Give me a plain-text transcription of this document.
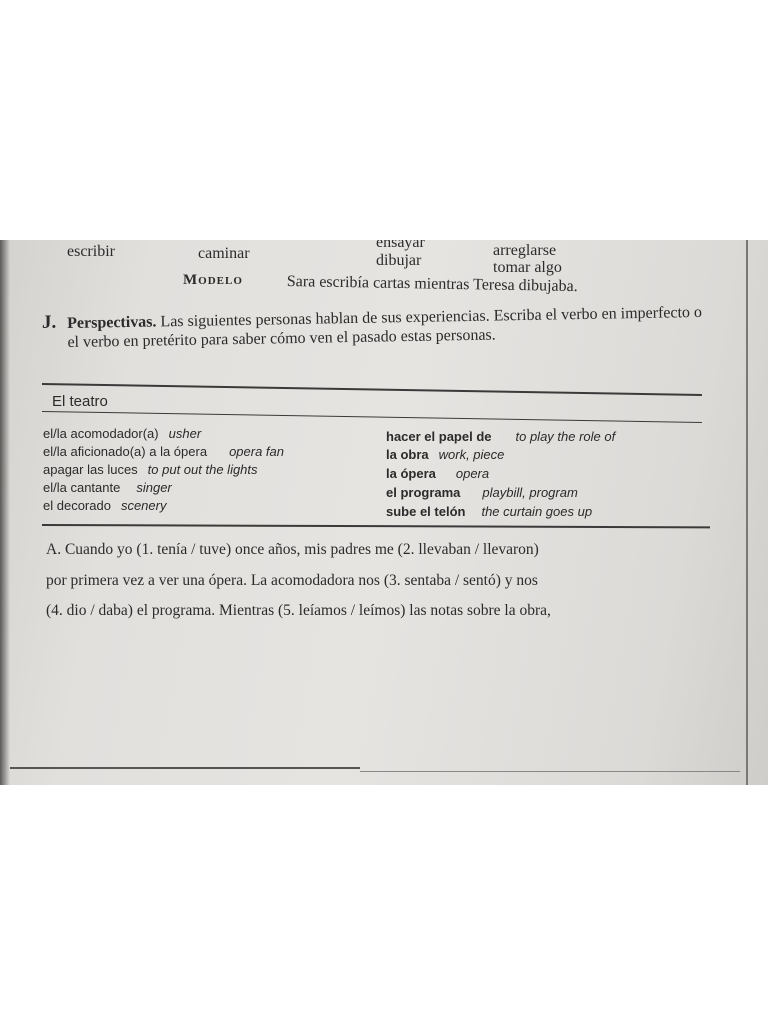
escribir	caminar
ensayar
dibujar
arreglarse
tomar algo
Modelo	Sara escribía cartas mientras Teresa dibujaba.
J. Perspectivas. Las siguientes personas hablan de sus experiencias. Escriba el verbo en imperfecto o el verbo en pretérito para saber cómo ven el pasado estas personas.
El teatro
el/la acomodador(a) usher
el/la aficionado(a) a la ópera opera fan
apagar las luces to put out the lights
el/la cantante singer
el decorado scenery
hacer el papel de to play the role of
la obra work, piece
la ópera opera
el programa playbill, program
sube el telón the curtain goes up
A. Cuando yo (1. tenía / tuve) once años, mis padres me (2. llevaban / llevaron)
por primera vez a ver una ópera. La acomodadora nos (3. sentaba / sentó) y nos
(4. dio / daba) el programa. Mientras (5. leíamos / leímos) las notas sobre la obra,
